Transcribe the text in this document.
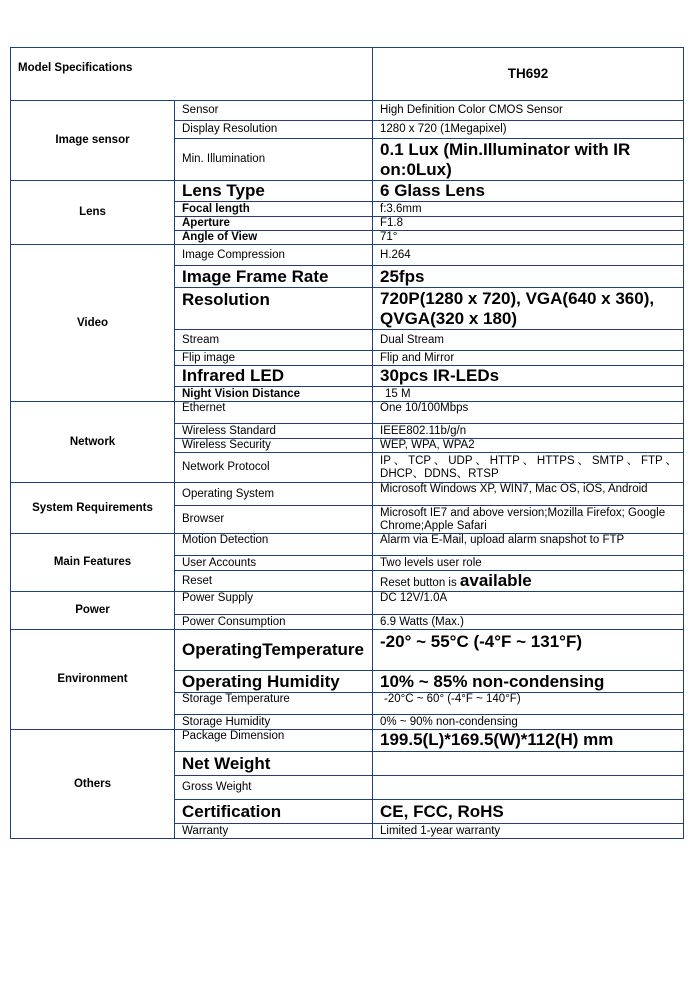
Model Specifications		TH692
Image sensor	Sensor	High Definition Color CMOS Sensor
	Display Resolution	1280 x 720 (1Megapixel)
	Min. Illumination	0.1 Lux (Min.Illuminator with IR on:0Lux)
Lens	Lens Type	6 Glass Lens
	Focal length	f:3.6mm
	Aperture	F1.8
	Angle of View	71°
Video	Image Compression	H.264
	Image Frame Rate	25fps
	Resolution	720P(1280 x 720), VGA(640 x 360), QVGA(320 x 180)
	Stream	Dual Stream
	Flip image	Flip and Mirror
	Infrared LED	30pcs IR-LEDs
	Night Vision Distance	15 M
Network	Ethernet	One 10/100Mbps
	Wireless Standard	IEEE802.11b/g/n
	Wireless Security	WEP, WPA, WPA2
	Network Protocol	IP、TCP、UDP、HTTP、HTTPS、SMTP、FTP、DHCP、DDNS、RTSP
System Requirements	Operating System	Microsoft Windows XP, WIN7, Mac OS, iOS, Android
	Browser	Microsoft IE7 and above version;Mozilla Firefox; Google Chrome;Apple Safari
Main Features	Motion Detection	Alarm via E-Mail, upload alarm snapshot to FTP
	User Accounts	Two levels user role
	Reset	Reset button is available
Power	Power Supply	DC 12V/1.0A
	Power Consumption	6.9 Watts (Max.)
Environment	OperatingTemperature	-20° ~ 55°C (-4°F ~ 131°F)
	Operating Humidity	10% ~ 85% non-condensing
	Storage Temperature	-20°C ~ 60° (-4°F ~ 140°F)
	Storage Humidity	0% ~ 90% non-condensing
Others	Package Dimension	199.5(L)*169.5(W)*112(H) mm
	Net Weight	
	Gross Weight	
	Certification	CE, FCC, RoHS
	Warranty	Limited 1-year warranty
